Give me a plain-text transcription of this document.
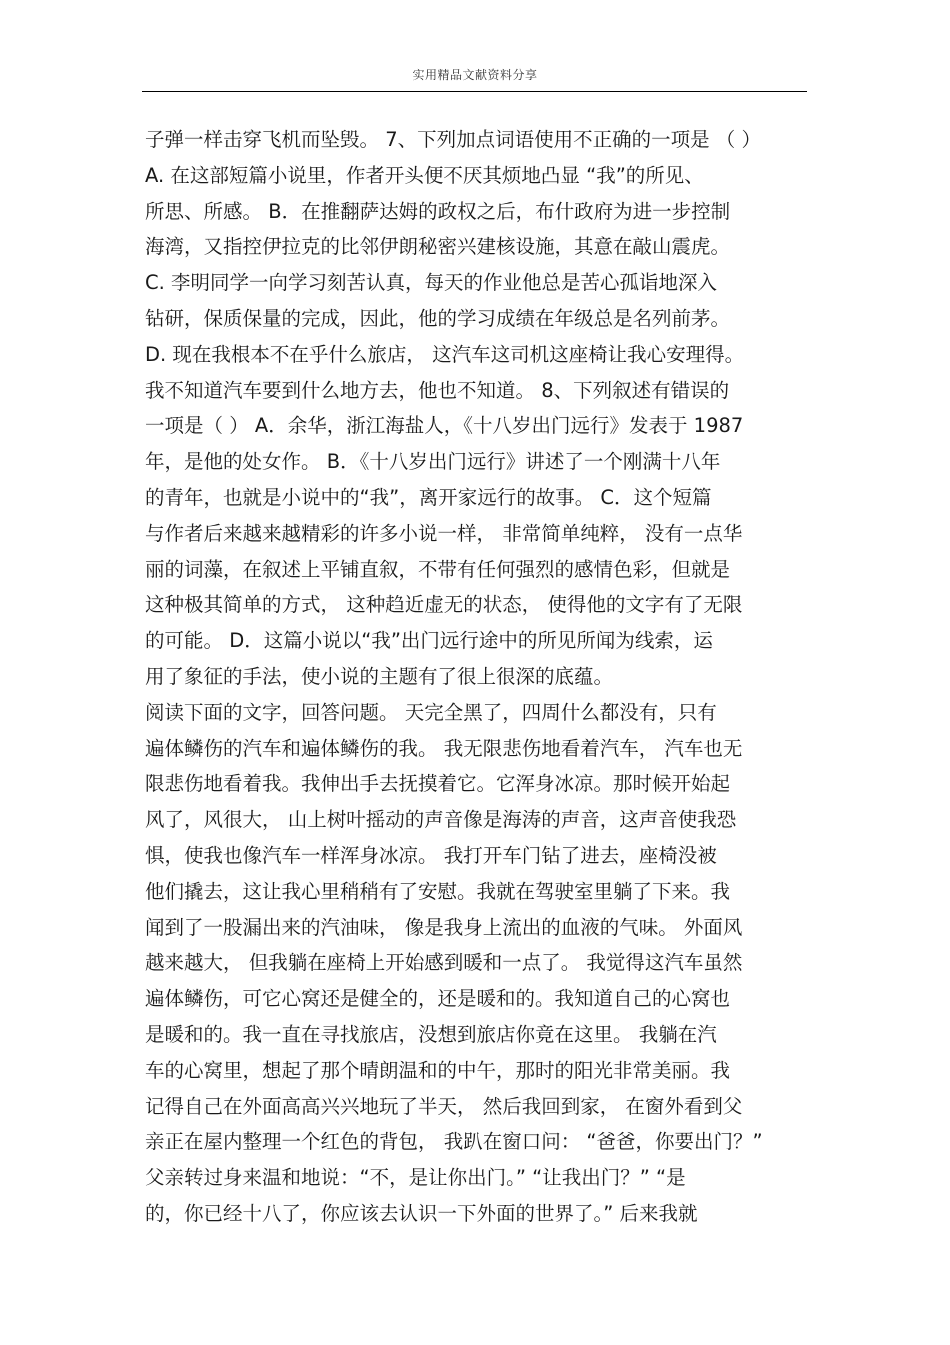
实用精品文献资料分享
子弹一样击穿飞机而坠毁。 7、下列加点词语使用不正确的一项是 （ ）
A. 在这部短篇小说里，作者开头便不厌其烦地凸显 “我”的所见、
所思、所感。 B．在推翻萨达姆的政权之后，布什政府为进一步控制
海湾，又指控伊拉克的比邻伊朗秘密兴建核设施，其意在敲山震虎。
C. 李明同学一向学习刻苦认真，每天的作业他总是苦心孤诣地深入
钻研，保质保量的完成，因此，他的学习成绩在年级总是名列前茅。
D. 现在我根本不在乎什么旅店， 这汽车这司机这座椅让我心安理得。
我不知道汽车要到什么地方去，他也不知道。 8、下列叙述有错误的
一项是（ ） A．余华，浙江海盐人，《十八岁出门远行》发表于 1987
年，是他的处女作。 B．《十八岁出门远行》讲述了一个刚满十八年
的青年，也就是小说中的“我”，离开家远行的故事。 C．这个短篇
与作者后来越来越精彩的许多小说一样， 非常简单纯粹， 没有一点华
丽的词藻，在叙述上平铺直叙，不带有任何强烈的感情色彩，但就是
这种极其简单的方式， 这种趋近虚无的状态， 使得他的文字有了无限
的可能。 D．这篇小说以“我”出门远行途中的所见所闻为线索，运
用了象征的手法，使小说的主题有了很上很深的底蕴。
阅读下面的文字，回答问题。 天完全黑了，四周什么都没有，只有
遍体鳞伤的汽车和遍体鳞伤的我。 我无限悲伤地看着汽车， 汽车也无
限悲伤地看着我。我伸出手去抚摸着它。它浑身冰凉。那时候开始起
风了，风很大， 山上树叶摇动的声音像是海涛的声音，这声音使我恐
惧，使我也像汽车一样浑身冰凉。 我打开车门钻了进去，座椅没被
他们撬去，这让我心里稍稍有了安慰。我就在驾驶室里躺了下来。我
闻到了一股漏出来的汽油味， 像是我身上流出的血液的气味。 外面风
越来越大， 但我躺在座椅上开始感到暖和一点了。 我觉得这汽车虽然
遍体鳞伤，可它心窝还是健全的，还是暖和的。我知道自己的心窝也
是暖和的。我一直在寻找旅店，没想到旅店你竟在这里。 我躺在汽
车的心窝里，想起了那个晴朗温和的中午，那时的阳光非常美丽。我
记得自己在外面高高兴兴地玩了半天， 然后我回到家， 在窗外看到父
亲正在屋内整理一个红色的背包， 我趴在窗口问： “爸爸，你要出门？”
父亲转过身来温和地说：“不，是让你出门。” “让我出门？” “是
的，你已经十八了，你应该去认识一下外面的世界了。” 后来我就
